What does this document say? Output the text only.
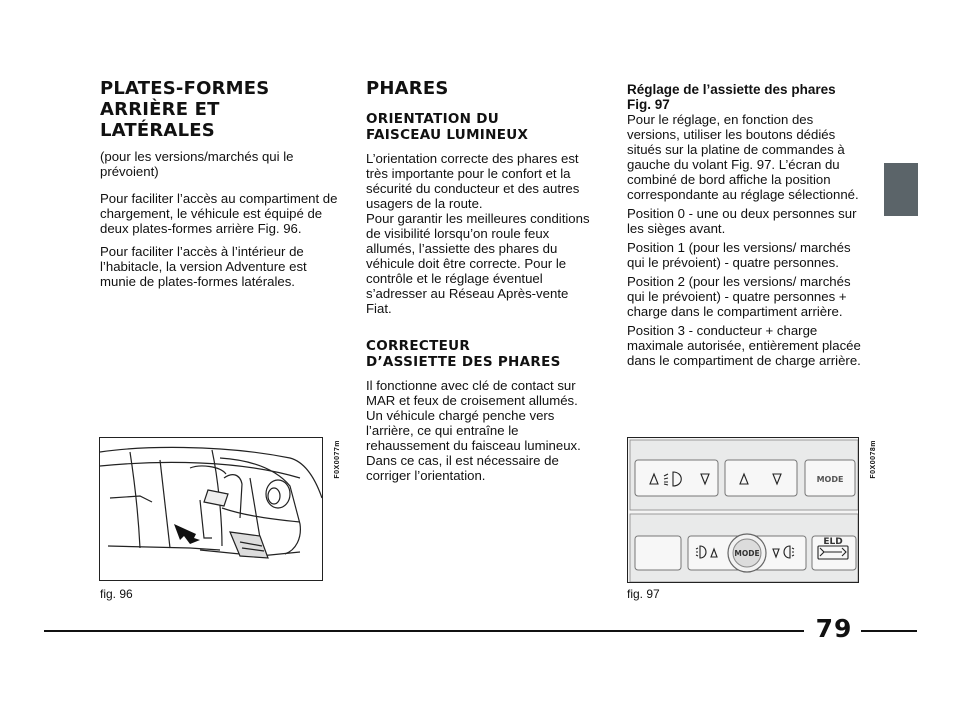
PLATES-FORMES
ARRIÈRE ET LATÉRALES

(pour les versions/marchés qui le prévoient)

Pour faciliter l’accès au compartiment de chargement, le véhicule est équipé de deux plates-formes arrière Fig. 96.

Pour faciliter l’accès à l’intérieur de l’habitacle, la version Adventure est munie de plates-formes latérales.

PHARES
ORIENTATION DU
FAISCEAU LUMINEUX

L’orientation correcte des phares est très importante pour le confort et la sécurité du conducteur et des autres usagers de la route.

Pour garantir les meilleures conditions de visibilité lorsqu’on roule feux allumés, l’assiette des phares du véhicule doit être correcte. Pour le contrôle et le réglage éventuel s’adresser au Réseau Après-vente Fiat.

CORRECTEUR
D’ASSIETTE DES PHARES

Il fonctionne avec clé de contact sur MAR et feux de croisement allumés. Un véhicule chargé penche vers l’arrière, ce qui entraîne le rehaussement du faisceau lumineux. Dans ce cas, il est nécessaire de corriger l’orientation.

Réglage de l’assiette des phares
Fig. 97

Pour le réglage, en fonction des versions, utiliser les boutons dédiés situés sur la platine de commandes à gauche du volant Fig. 97. L’écran du combiné de bord affiche la position correspondante au réglage sélectionné.

Position 0 - une ou deux personnes sur les sièges avant.

Position 1 (pour les versions/ marchés qui le prévoient) - quatre personnes.

Position 2 (pour les versions/ marchés qui le prévoient) - quatre personnes + charge dans le compartiment arrière.

Position 3 - conducteur + charge maximale autorisée, entièrement placée dans le compartiment de charge arrière.

F0X0077m
fig. 96
MODE
MODE
ELD
F0X0078m
fig. 97
79
